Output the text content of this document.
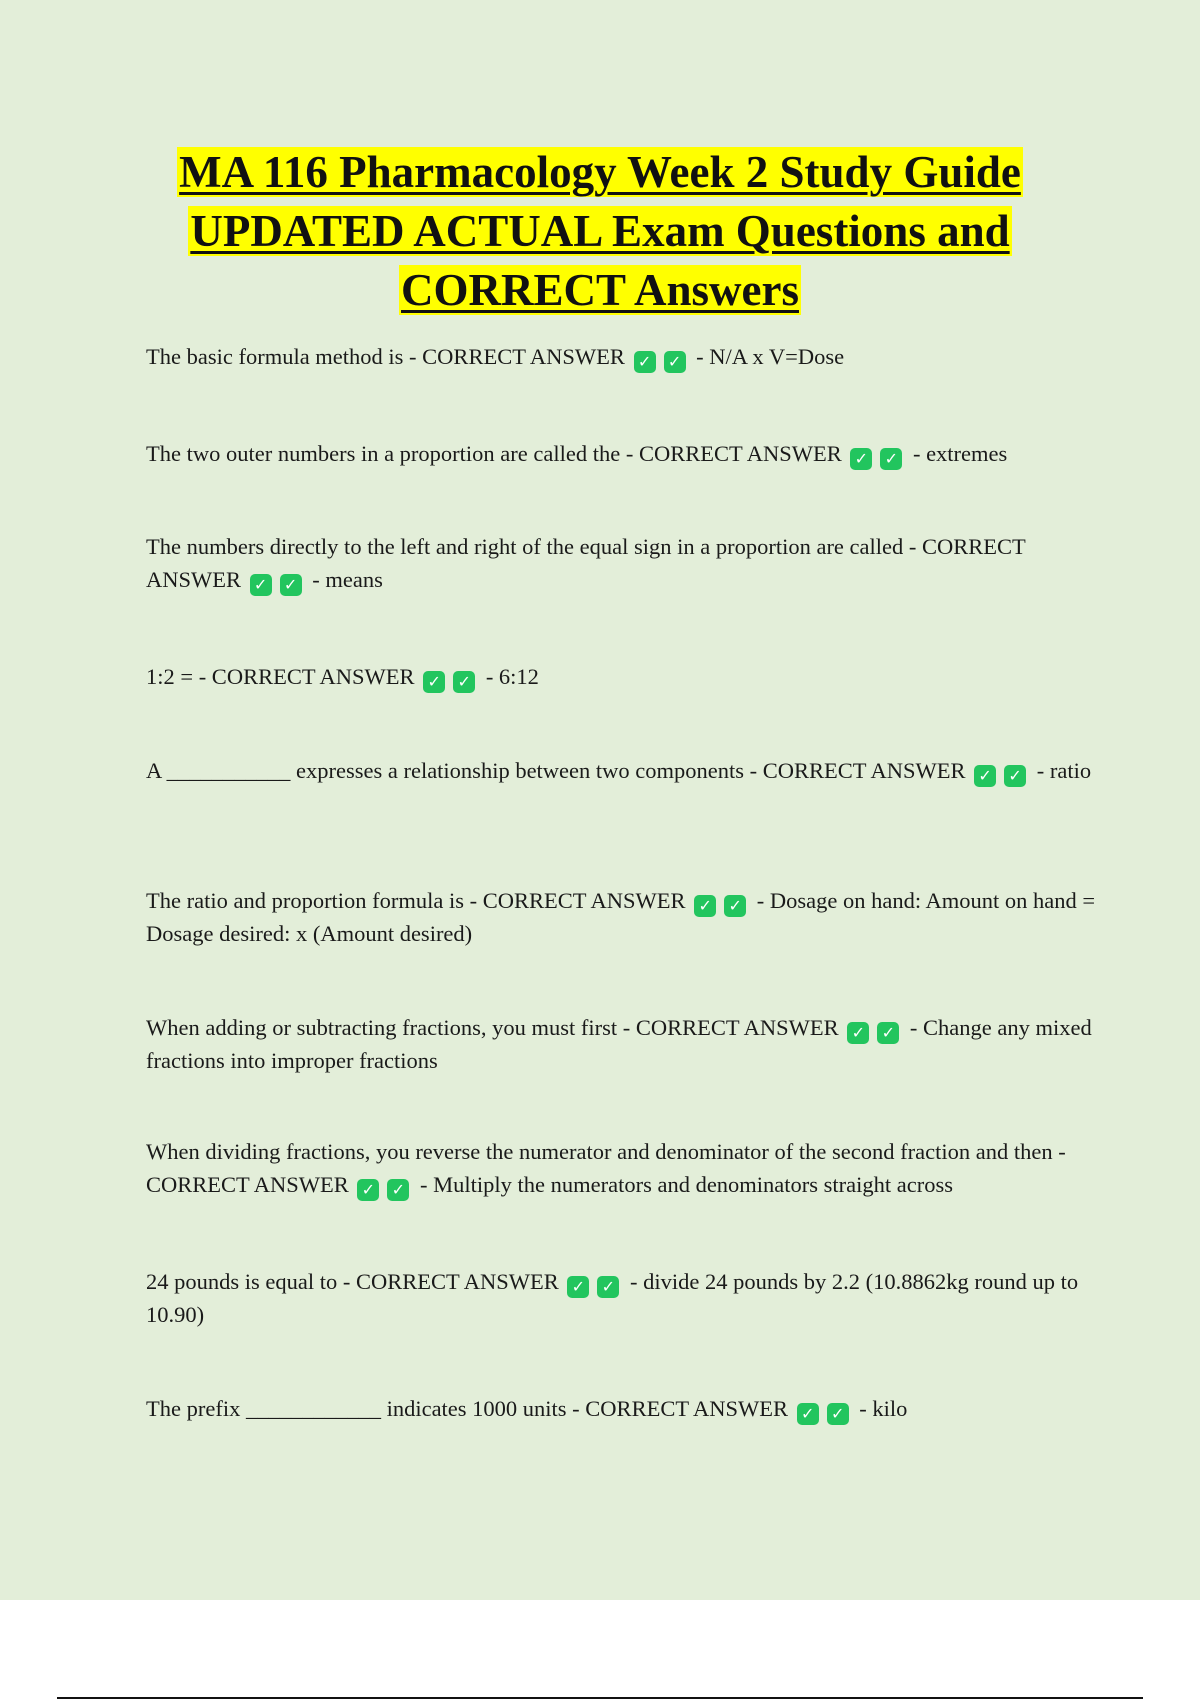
MA 116 Pharmacology Week 2 Study Guide
UPDATED ACTUAL Exam Questions and
CORRECT Answers

The basic formula method is - CORRECT ANSWER ✓ ✓ - N/A x V=Dose

The two outer numbers in a proportion are called the - CORRECT ANSWER ✓ ✓ - extremes

The numbers directly to the left and right of the equal sign in a proportion are called - CORRECT ANSWER ✓ ✓ - means

1:2 = - CORRECT ANSWER ✓ ✓ - 6:12

A ___________ expresses a relationship between two components - CORRECT ANSWER ✓ ✓ - ratio

The ratio and proportion formula is - CORRECT ANSWER ✓ ✓ - Dosage on hand: Amount on hand = Dosage desired: x (Amount desired)

When adding or subtracting fractions, you must first - CORRECT ANSWER ✓ ✓ - Change any mixed fractions into improper fractions

When dividing fractions, you reverse the numerator and denominator of the second fraction and then - CORRECT ANSWER ✓ ✓ - Multiply the numerators and denominators straight across

24 pounds is equal to - CORRECT ANSWER ✓ ✓ - divide 24 pounds by 2.2 (10.8862kg round up to 10.90)

The prefix ____________ indicates 1000 units - CORRECT ANSWER ✓ ✓ - kilo
